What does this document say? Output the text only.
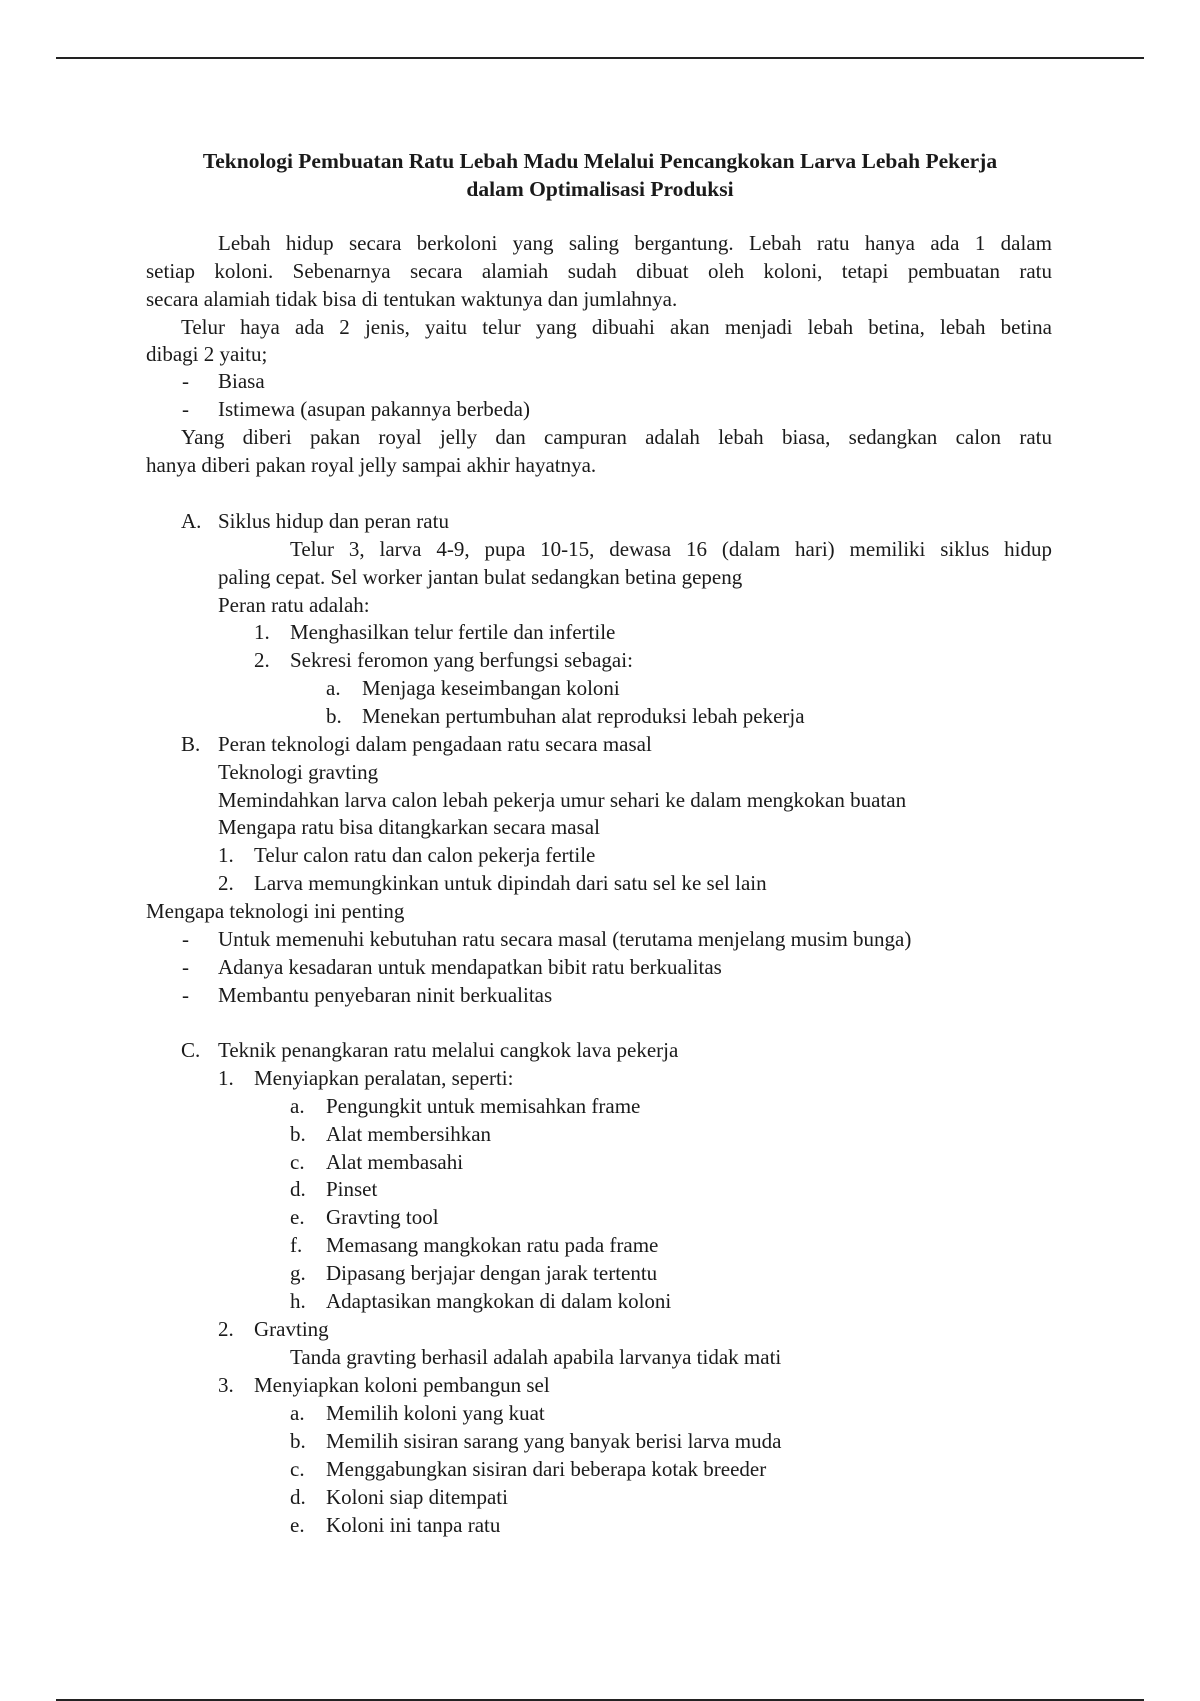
Teknologi Pembuatan Ratu Lebah Madu Melalui Pencangkokan Larva Lebah Pekerja
dalam Optimalisasi Produksi
Lebah hidup secara berkoloni yang saling bergantung. Lebah ratu hanya ada 1 dalam
setiap koloni. Sebenarnya secara alamiah sudah dibuat oleh koloni, tetapi pembuatan ratu
secara alamiah tidak bisa di tentukan waktunya dan jumlahnya.
Telur haya ada 2 jenis, yaitu telur yang dibuahi akan menjadi lebah betina, lebah betina
dibagi 2 yaitu;
- Biasa
- Istimewa (asupan pakannya berbeda)
Yang diberi pakan royal jelly dan campuran adalah lebah biasa, sedangkan calon ratu
hanya diberi pakan royal jelly sampai akhir hayatnya.
A. Siklus hidup dan peran ratu
Telur 3, larva 4-9, pupa 10-15, dewasa 16 (dalam hari) memiliki siklus hidup
paling cepat. Sel worker jantan bulat sedangkan betina gepeng
Peran ratu adalah:
1. Menghasilkan telur fertile dan infertile
2. Sekresi feromon yang berfungsi sebagai:
a. Menjaga keseimbangan koloni
b. Menekan pertumbuhan alat reproduksi lebah pekerja
B. Peran teknologi dalam pengadaan ratu secara masal
Teknologi gravting
Memindahkan larva calon lebah pekerja umur sehari ke dalam mengkokan buatan
Mengapa ratu bisa ditangkarkan secara masal
1. Telur calon ratu dan calon pekerja fertile
2. Larva memungkinkan untuk dipindah dari satu sel ke sel lain
Mengapa teknologi ini penting
- Untuk memenuhi kebutuhan ratu secara masal (terutama menjelang musim bunga)
- Adanya kesadaran untuk mendapatkan bibit ratu berkualitas
- Membantu penyebaran ninit berkualitas
C. Teknik penangkaran ratu melalui cangkok lava pekerja
1. Menyiapkan peralatan, seperti:
a. Pengungkit untuk memisahkan frame
b. Alat membersihkan
c. Alat membasahi
d. Pinset
e. Gravting tool
f. Memasang mangkokan ratu pada frame
g. Dipasang berjajar dengan jarak tertentu
h. Adaptasikan mangkokan di dalam koloni
2. Gravting
Tanda gravting berhasil adalah apabila larvanya tidak mati
3. Menyiapkan koloni pembangun sel
a. Memilih koloni yang kuat
b. Memilih sisiran sarang yang banyak berisi larva muda
c. Menggabungkan sisiran dari beberapa kotak breeder
d. Koloni siap ditempati
e. Koloni ini tanpa ratu
